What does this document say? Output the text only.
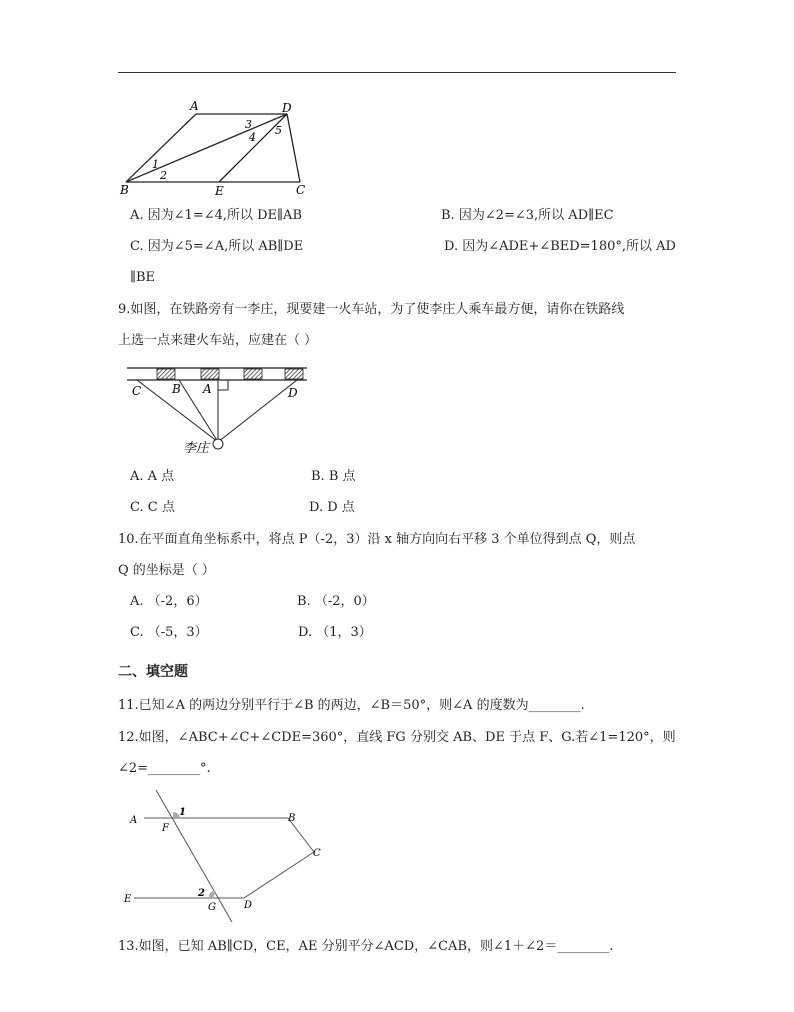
A	D
B	E	C
1
2
3
4
5
A. 因为∠1=∠4,所以 DE∥AB	B. 因为∠2=∠3,所以 AD∥EC
C. 因为∠5=∠A,所以 AB∥DE	D. 因为∠ADE+∠BED=180°,所以 AD
∥BE
9.如图，在铁路旁有一李庄，现要建一火车站，为了使李庄人乘车最方便，请你在铁路线
上选一点来建火车站，应建在（ ）
C	B A	D
李庄
A. A 点	B. B 点
C. C 点	D. D 点
10.在平面直角坐标系中，将点 P（-2，3）沿 x 轴方向向右平移 3 个单位得到点 Q，则点
Q 的坐标是（ ）
A. （-2，6）	B. （-2，0）
C. （-5，3）	D. （1，3）
二、填空题
11.已知∠A 的两边分别平行于∠B 的两边，∠B＝50°，则∠A 的度数为________.
12.如图，∠ABC+∠C+∠CDE=360°，直线 FG 分别交 AB、DE 于点 F、G.若∠1=120°，则
∠2=________°.
A
F
1
B
C
E
2
G	D
13.如图，已知 AB∥CD，CE，AE 分别平分∠ACD，∠CAB，则∠1＋∠2＝________.
